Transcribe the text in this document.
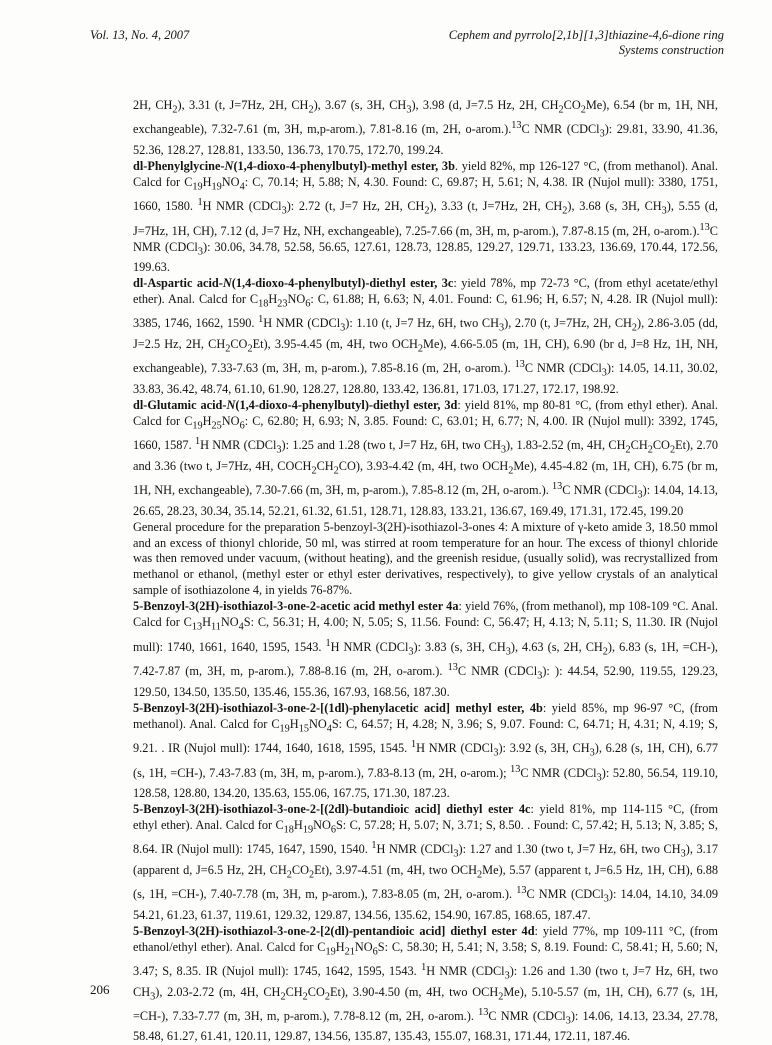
Vol. 13, No. 4, 2007	Cephem and pyrrolo[2,1b][1,3]thiazine-4,6-dione ring
Systems construction

2H, $CH_2$), 3.31 (t, J=7Hz, 2H, $CH_2$), 3.67 (s, 3H, $CH_3$), 3.98 (d, J=7.5 Hz, 2H, $CH_2CO_2Me$), 6.54 (br m, 1H, NH, exchangeable), 7.32-7.61 (m, 3H, m,p-arom.), 7.81-8.16 (m, 2H, o-arom.).$^{13}$C NMR (CDCl$_3$): 29.81, 33.90, 41.36, 52.36, 128.27, 128.81, 133.50, 136.73, 170.75, 172.70, 199.24.

dl-Phenylglycine-N(1,4-dioxo-4-phenylbutyl)-methyl ester, 3b. yield 82%, mp 126-127 °C, (from methanol). Anal. Calcd for $C_{19}H_{19}NO_4$: C, 70.14; H, 5.88; N, 4.30. Found: C, 69.87; H, 5.61; N, 4.38. IR (Nujol mull): 3380, 1751, 1660, 1580. $^1$H NMR (CDCl$_3$): 2.72 (t, J=7 Hz, 2H, $CH_2$), 3.33 (t, J=7Hz, 2H, $CH_2$), 3.68 (s, 3H, $CH_3$), 5.55 (d, J=7Hz, 1H, CH), 7.12 (d, J=7 Hz, NH, exchangeable), 7.25-7.66 (m, 3H, m, p-arom.), 7.87-8.15 (m, 2H, o-arom.).$^{13}$C NMR (CDCl$_3$): 30.06, 34.78, 52.58, 56.65, 127.61, 128.73, 128.85, 129.27, 129.71, 133.23, 136.69, 170.44, 172.56, 199.63.

dl-Aspartic acid-N(1,4-dioxo-4-phenylbutyl)-diethyl ester, 3c: yield 78%, mp 72-73 °C, (from ethyl acetate/ethyl ether). Anal. Calcd for $C_{18}H_{23}NO_6$: C, 61.88; H, 6.63; N, 4.01. Found: C, 61.96; H, 6.57; N, 4.28. IR (Nujol mull): 3385, 1746, 1662, 1590. $^1$H NMR (CDCl$_3$): 1.10 (t, J=7 Hz, 6H, two $CH_3$), 2.70 (t, J=7Hz, 2H, $CH_2$), 2.86-3.05 (dd, J=2.5 Hz, 2H, $CH_2CO_2Et$), 3.95-4.45 (m, 4H, two $OCH_2Me$), 4.66-5.05 (m, 1H, CH), 6.90 (br d, J=8 Hz, 1H, NH, exchangeable), 7.33-7.63 (m, 3H, m, p-arom.), 7.85-8.16 (m, 2H, o-arom.). $^{13}$C NMR (CDCl$_3$): 14.05, 14.11, 30.02, 33.83, 36.42, 48.74, 61.10, 61.90, 128.27, 128.80, 133.42, 136.81, 171.03, 171.27, 172.17, 198.92.

dl-Glutamic acid-N(1,4-dioxo-4-phenylbutyl)-diethyl ester, 3d: yield 81%, mp 80-81 °C, (from ethyl ether). Anal. Calcd for $C_{19}H_{25}NO_6$: C, 62.80; H, 6.93; N, 3.85. Found: C, 63.01; H, 6.77; N, 4.00. IR (Nujol mull): 3392, 1745, 1660, 1587. $^1$H NMR (CDCl$_3$): 1.25 and 1.28 (two t, J=7 Hz, 6H, two $CH_3$), 1.83-2.52 (m, 4H, $CH_2CH_2CO_2Et$), 2.70 and 3.36 (two t, J=7Hz, 4H, $COCH_2CH_2CO$), 3.93-4.42 (m, 4H, two $OCH_2Me$), 4.45-4.82 (m, 1H, CH), 6.75 (br m, 1H, NH, exchangeable), 7.30-7.66 (m, 3H, m, p-arom.), 7.85-8.12 (m, 2H, o-arom.). $^{13}$C NMR (CDCl$_3$): 14.04, 14.13, 26.65, 28.23, 30.34, 35.14, 52.21, 61.32, 61.51, 128.71, 128.83, 133.21, 136.67, 169.49, 171.31, 172.45, 199.20

General procedure for the preparation 5-benzoyl-3(2H)-isothiazol-3-ones 4: A mixture of γ-keto amide 3, 18.50 mmol and an excess of thionyl chloride, 50 ml, was stirred at room temperature for an hour. The excess of thionyl chloride was then removed under vacuum, (without heating), and the greenish residue, (usually solid), was recrystallized from methanol or ethanol, (methyl ester or ethyl ester derivatives, respectively), to give yellow crystals of an analytical sample of isothiazolone 4, in yields 76-87%.

5-Benzoyl-3(2H)-isothiazol-3-one-2-acetic acid methyl ester 4a: yield 76%, (from methanol), mp 108-109 °C. Anal. Calcd for $C_{13}H_{11}NO_4S$: C, 56.31; H, 4.00; N, 5.05; S, 11.56. Found: C, 56.47; H, 4.13; N, 5.11; S, 11.30. IR (Nujol mull): 1740, 1661, 1640, 1595, 1543. $^1$H NMR (CDCl$_3$): 3.83 (s, 3H, $CH_3$), 4.63 (s, 2H, $CH_2$), 6.83 (s, 1H, =CH-), 7.42-7.87 (m, 3H, m, p-arom.), 7.88-8.16 (m, 2H, o-arom.). $^{13}$C NMR (CDCl$_3$): ): 44.54, 52.90, 119.55, 129.23, 129.50, 134.50, 135.50, 135.46, 155.36, 167.93, 168.56, 187.30.

5-Benzoyl-3(2H)-isothiazol-3-one-2-[(1dl)-phenylacetic acid] methyl ester, 4b: yield 85%, mp 96-97 °C, (from methanol). Anal. Calcd for $C_{19}H_{15}NO_4S$: C, 64.57; H, 4.28; N, 3.96; S, 9.07. Found: C, 64.71; H, 4.31; N, 4.19; S, 9.21. . IR (Nujol mull): 1744, 1640, 1618, 1595, 1545. $^1$H NMR (CDCl$_3$): 3.92 (s, 3H, $CH_3$), 6.28 (s, 1H, CH), 6.77 (s, 1H, =CH-), 7.43-7.83 (m, 3H, m, p-arom.), 7.83-8.13 (m, 2H, o-arom.); $^{13}$C NMR (CDCl$_3$): 52.80, 56.54, 119.10, 128.58, 128.80, 134.20, 135.63, 155.06, 167.75, 171.30, 187.23.

5-Benzoyl-3(2H)-isothiazol-3-one-2-[(2dl)-butandioic acid] diethyl ester 4c: yield 81%, mp 114-115 °C, (from ethyl ether). Anal. Calcd for $C_{18}H_{19}NO_6S$: C, 57.28; H, 5.07; N, 3.71; S, 8.50. . Found: C, 57.42; H, 5.13; N, 3.85; S, 8.64. IR (Nujol mull): 1745, 1647, 1590, 1540. $^1$H NMR (CDCl$_3$): 1.27 and 1.30 (two t, J=7 Hz, 6H, two $CH_3$), 3.17 (apparent d, J=6.5 Hz, 2H, $CH_2CO_2Et$), 3.97-4.51 (m, 4H, two $OCH_2Me$), 5.57 (apparent t, J=6.5 Hz, 1H, CH), 6.88 (s, 1H, =CH-), 7.40-7.78 (m, 3H, m, p-arom.), 7.83-8.05 (m, 2H, o-arom.). $^{13}$C NMR (CDCl$_3$): 14.04, 14.10, 34.09 54.21, 61.23, 61.37, 119.61, 129.32, 129.87, 134.56, 135.62, 154.90, 167.85, 168.65, 187.47.

5-Benzoyl-3(2H)-isothiazol-3-one-2-[2(dl)-pentandioic acid] diethyl ester 4d: yield 77%, mp 109-111 °C, (from ethanol/ethyl ether). Anal. Calcd for $C_{19}H_{21}NO_6S$: C, 58.30; H, 5.41; N, 3.58; S, 8.19. Found: C, 58.41; H, 5.60; N, 3.47; S, 8.35. IR (Nujol mull): 1745, 1642, 1595, 1543. $^1$H NMR (CDCl$_3$): 1.26 and 1.30 (two t, J=7 Hz, 6H, two $CH_3$), 2.03-2.72 (m, 4H, $CH_2CH_2CO_2Et$), 3.90-4.50 (m, 4H, two $OCH_2Me$), 5.10-5.57 (m, 1H, CH), 6.77 (s, 1H, =CH-), 7.33-7.77 (m, 3H, m, p-arom.), 7.78-8.12 (m, 2H, o-arom.). $^{13}$C NMR (CDCl$_3$): 14.06, 14.13, 23.34, 27.78, 58.48, 61.27, 61.41, 120.11, 129.87, 134.56, 135.87, 135.43, 155.07, 168.31, 171.44, 172.11, 187.46.

206
